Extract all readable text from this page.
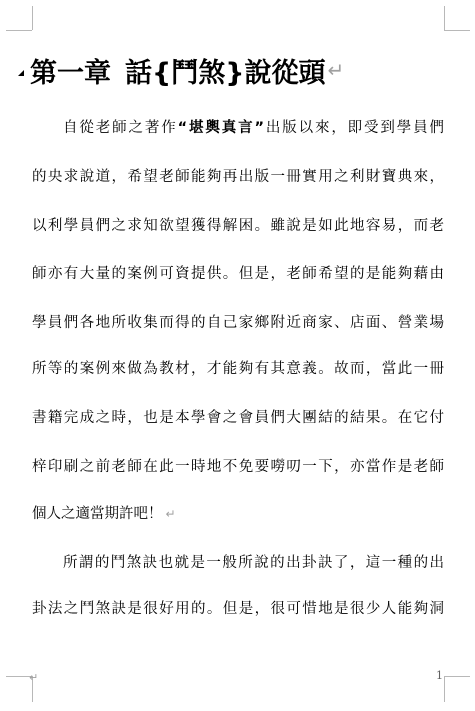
第一章 話{鬥煞}說從頭 ↵
自從老師之著作“堪輿真言”出版以來，即受到學員們
的央求說道，希望老師能夠再出版一冊實用之利財寶典來，
以利學員們之求知欲望獲得解困。雖說是如此地容易，而老
師亦有大量的案例可資提供。但是，老師希望的是能夠藉由
學員們各地所收集而得的自己家鄉附近商家、店面、營業場
所等的案例來做為教材，才能夠有其意義。故而，當此一冊
書籍完成之時，也是本學會之會員們大團結的結果。在它付
梓印刷之前老師在此一時地不免要嘮叨一下，亦當作是老師
個人之適當期許吧！ ↵
所謂的鬥煞訣也就是一般所說的出卦訣了，這一種的出
卦法之鬥煞訣是很好用的。但是，很可惜地是很少人能夠洞
↵	1
